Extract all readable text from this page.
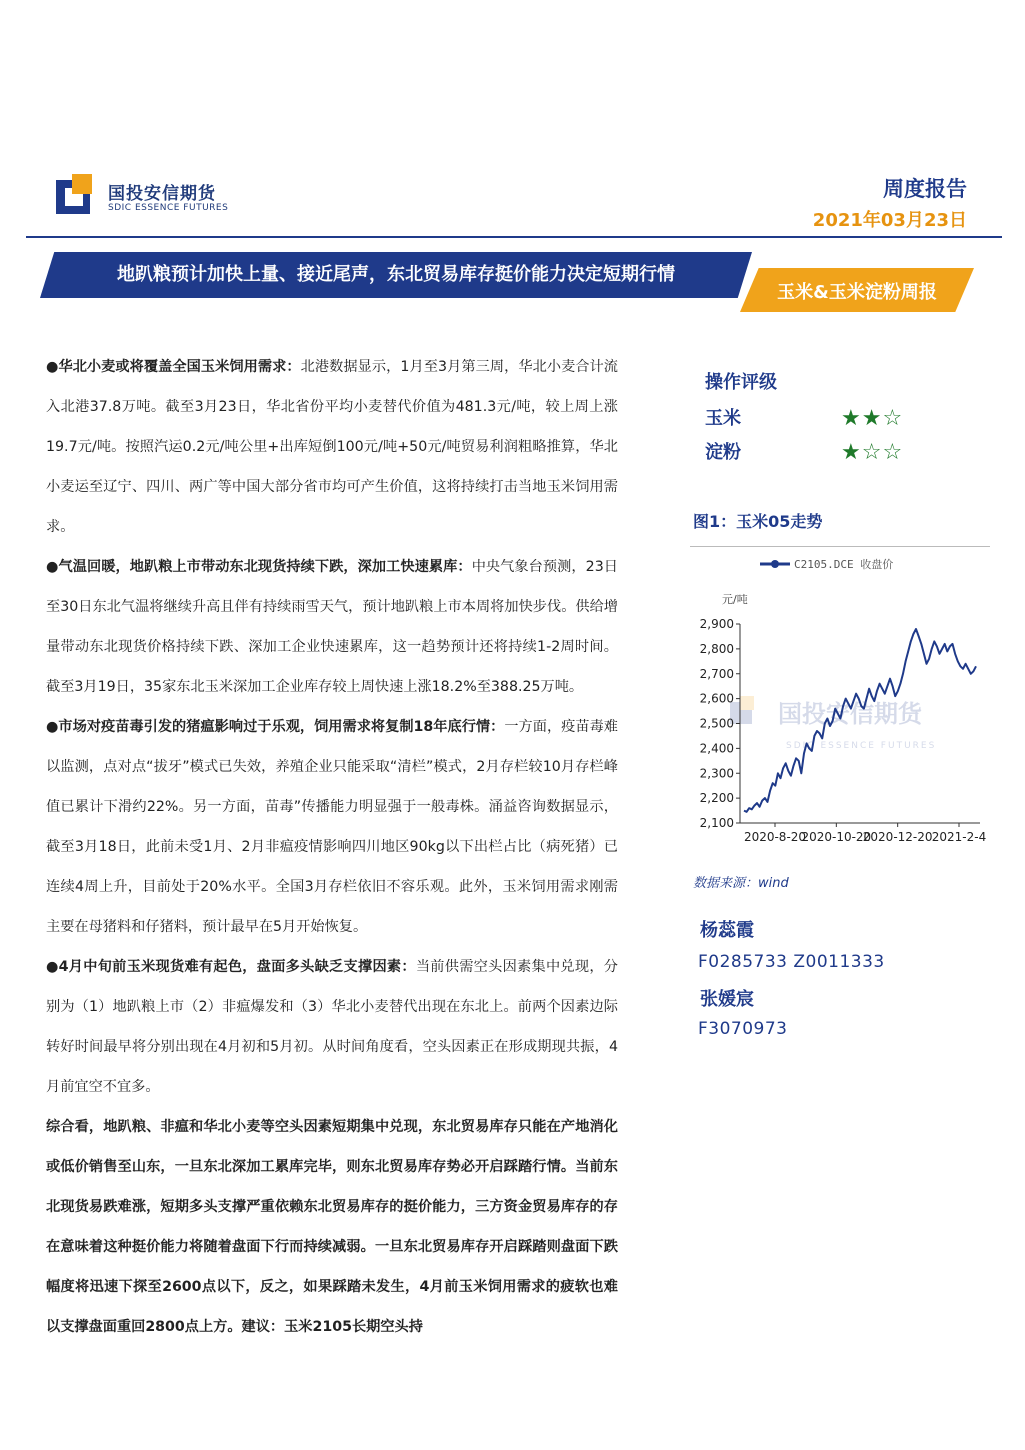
国投安信期货
SDIC ESSENCE FUTURES
周度报告
2021年03月23日
地趴粮预计加快上量、接近尾声，东北贸易库存挺价能力决定短期行情
玉米&玉米淀粉周报

●华北小麦或将覆盖全国玉米饲用需求：北港数据显示，1月至3月第三周，华北小麦合计流入北港37.8万吨。截至3月23日，华北省份平均小麦替代价值为481.3元/吨，较上周上涨19.7元/吨。按照汽运0.2元/吨公里+出库短倒100元/吨+50元/吨贸易利润粗略推算，华北小麦运至辽宁、四川、两广等中国大部分省市均可产生价值，这将持续打击当地玉米饲用需求。

●气温回暖，地趴粮上市带动东北现货持续下跌，深加工快速累库：中央气象台预测，23日至30日东北气温将继续升高且伴有持续雨雪天气，预计地趴粮上市本周将加快步伐。供给增量带动东北现货价格持续下跌、深加工企业快速累库，这一趋势预计还将持续1-2周时间。截至3月19日，35家东北玉米深加工企业库存较上周快速上涨18.2%至388.25万吨。

●市场对疫苗毒引发的猪瘟影响过于乐观，饲用需求将复制18年底行情：一方面，疫苗毒难以监测，点对点“拔牙”模式已失效，养殖企业只能采取“清栏”模式，2月存栏较10月存栏峰值已累计下滑约22%。另一方面，苗毒”传播能力明显强于一般毒株。涌益咨询数据显示，截至3月18日，此前未受1月、2月非瘟疫情影响四川地区90kg以下出栏占比（病死猪）已连续4周上升，目前处于20%水平。全国3月存栏依旧不容乐观。此外，玉米饲用需求刚需主要在母猪料和仔猪料，预计最早在5月开始恢复。

●4月中旬前玉米现货难有起色，盘面多头缺乏支撑因素：当前供需空头因素集中兑现，分别为（1）地趴粮上市（2）非瘟爆发和（3）华北小麦替代出现在东北上。前两个因素边际转好时间最早将分别出现在4月初和5月初。从时间角度看，空头因素正在形成期现共振，4月前宜空不宜多。

综合看，地趴粮、非瘟和华北小麦等空头因素短期集中兑现，东北贸易库存只能在产地消化或低价销售至山东，一旦东北深加工累库完毕，则东北贸易库存势必开启踩踏行情。当前东北现货易跌难涨，短期多头支撑严重依赖东北贸易库存的挺价能力，三方资金贸易库存的存在意味着这种挺价能力将随着盘面下行而持续减弱。一旦东北贸易库存开启踩踏则盘面下跌幅度将迅速下探至2600点以下，反之，如果踩踏未发生，4月前玉米饲用需求的疲软也难以支撑盘面重回2800点上方。建议：玉米2105长期空头持

操作评级
玉米	★★☆
淀粉	★☆☆
图1：玉米05走势
C2105.DCE 收盘价
元/吨
国投安信期货
SDIC ESSENCE FUTURES
2,100
2,200
2,300
2,400
2,500
2,600
2,700
2,800
2,900
2020-8-20
2020-10-20
2020-12-20 2021-2-4
数据来源：wind
杨蕊霞
F0285733 Z0011333
张媛宸
F3070973
